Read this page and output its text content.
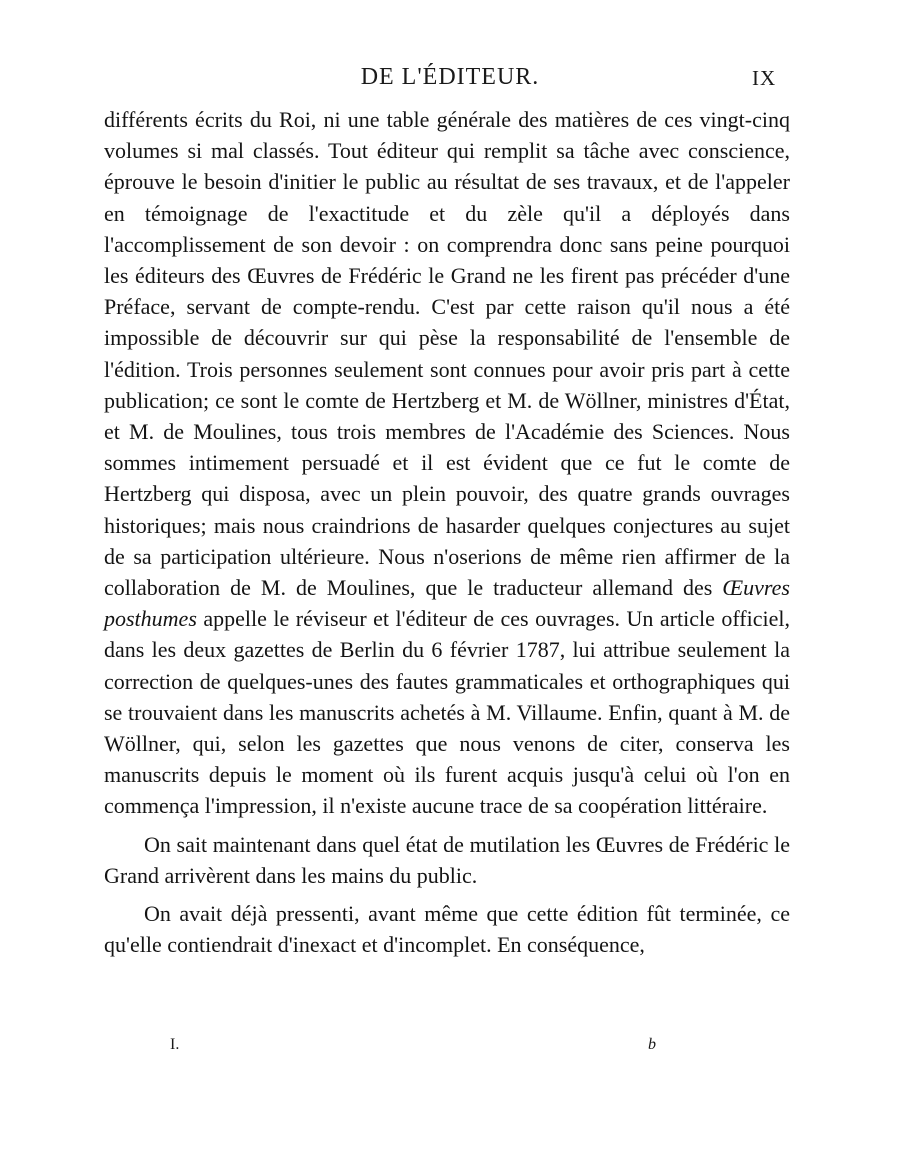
DE L'ÉDITEUR.	IX

différents écrits du Roi, ni une table générale des matières de ces vingt-cinq volumes si mal classés. Tout éditeur qui remplit sa tâche avec conscience, éprouve le besoin d'initier le public au résultat de ses travaux, et de l'appeler en témoignage de l'exactitude et du zèle qu'il a déployés dans l'accomplissement de son devoir : on comprendra donc sans peine pourquoi les éditeurs des Œuvres de Frédéric le Grand ne les firent pas précéder d'une Préface, servant de compte-rendu. C'est par cette raison qu'il nous a été impossible de découvrir sur qui pèse la responsabilité de l'ensemble de l'édition. Trois personnes seulement sont connues pour avoir pris part à cette publication; ce sont le comte de Hertzberg et M. de Wöllner, ministres d'État, et M. de Moulines, tous trois membres de l'Académie des Sciences. Nous sommes intimement persuadé et il est évident que ce fut le comte de Hertzberg qui disposa, avec un plein pouvoir, des quatre grands ouvrages historiques; mais nous craindrions de hasarder quelques conjectures au sujet de sa participation ultérieure. Nous n'oserions de même rien affirmer de la collaboration de M. de Moulines, que le traducteur allemand des Œuvres posthumes appelle le réviseur et l'éditeur de ces ouvrages. Un article officiel, dans les deux gazettes de Berlin du 6 février 1787, lui attribue seulement la correction de quelques-unes des fautes grammaticales et orthographiques qui se trouvaient dans les manuscrits achetés à M. Villaume. Enfin, quant à M. de Wöllner, qui, selon les gazettes que nous venons de citer, conserva les manuscrits depuis le moment où ils furent acquis jusqu'à celui où l'on en commença l'impression, il n'existe aucune trace de sa coopération littéraire.

On sait maintenant dans quel état de mutilation les Œuvres de Frédéric le Grand arrivèrent dans les mains du public.

On avait déjà pressenti, avant même que cette édition fût terminée, ce qu'elle contiendrait d'inexact et d'incomplet. En conséquence,

I.	b
